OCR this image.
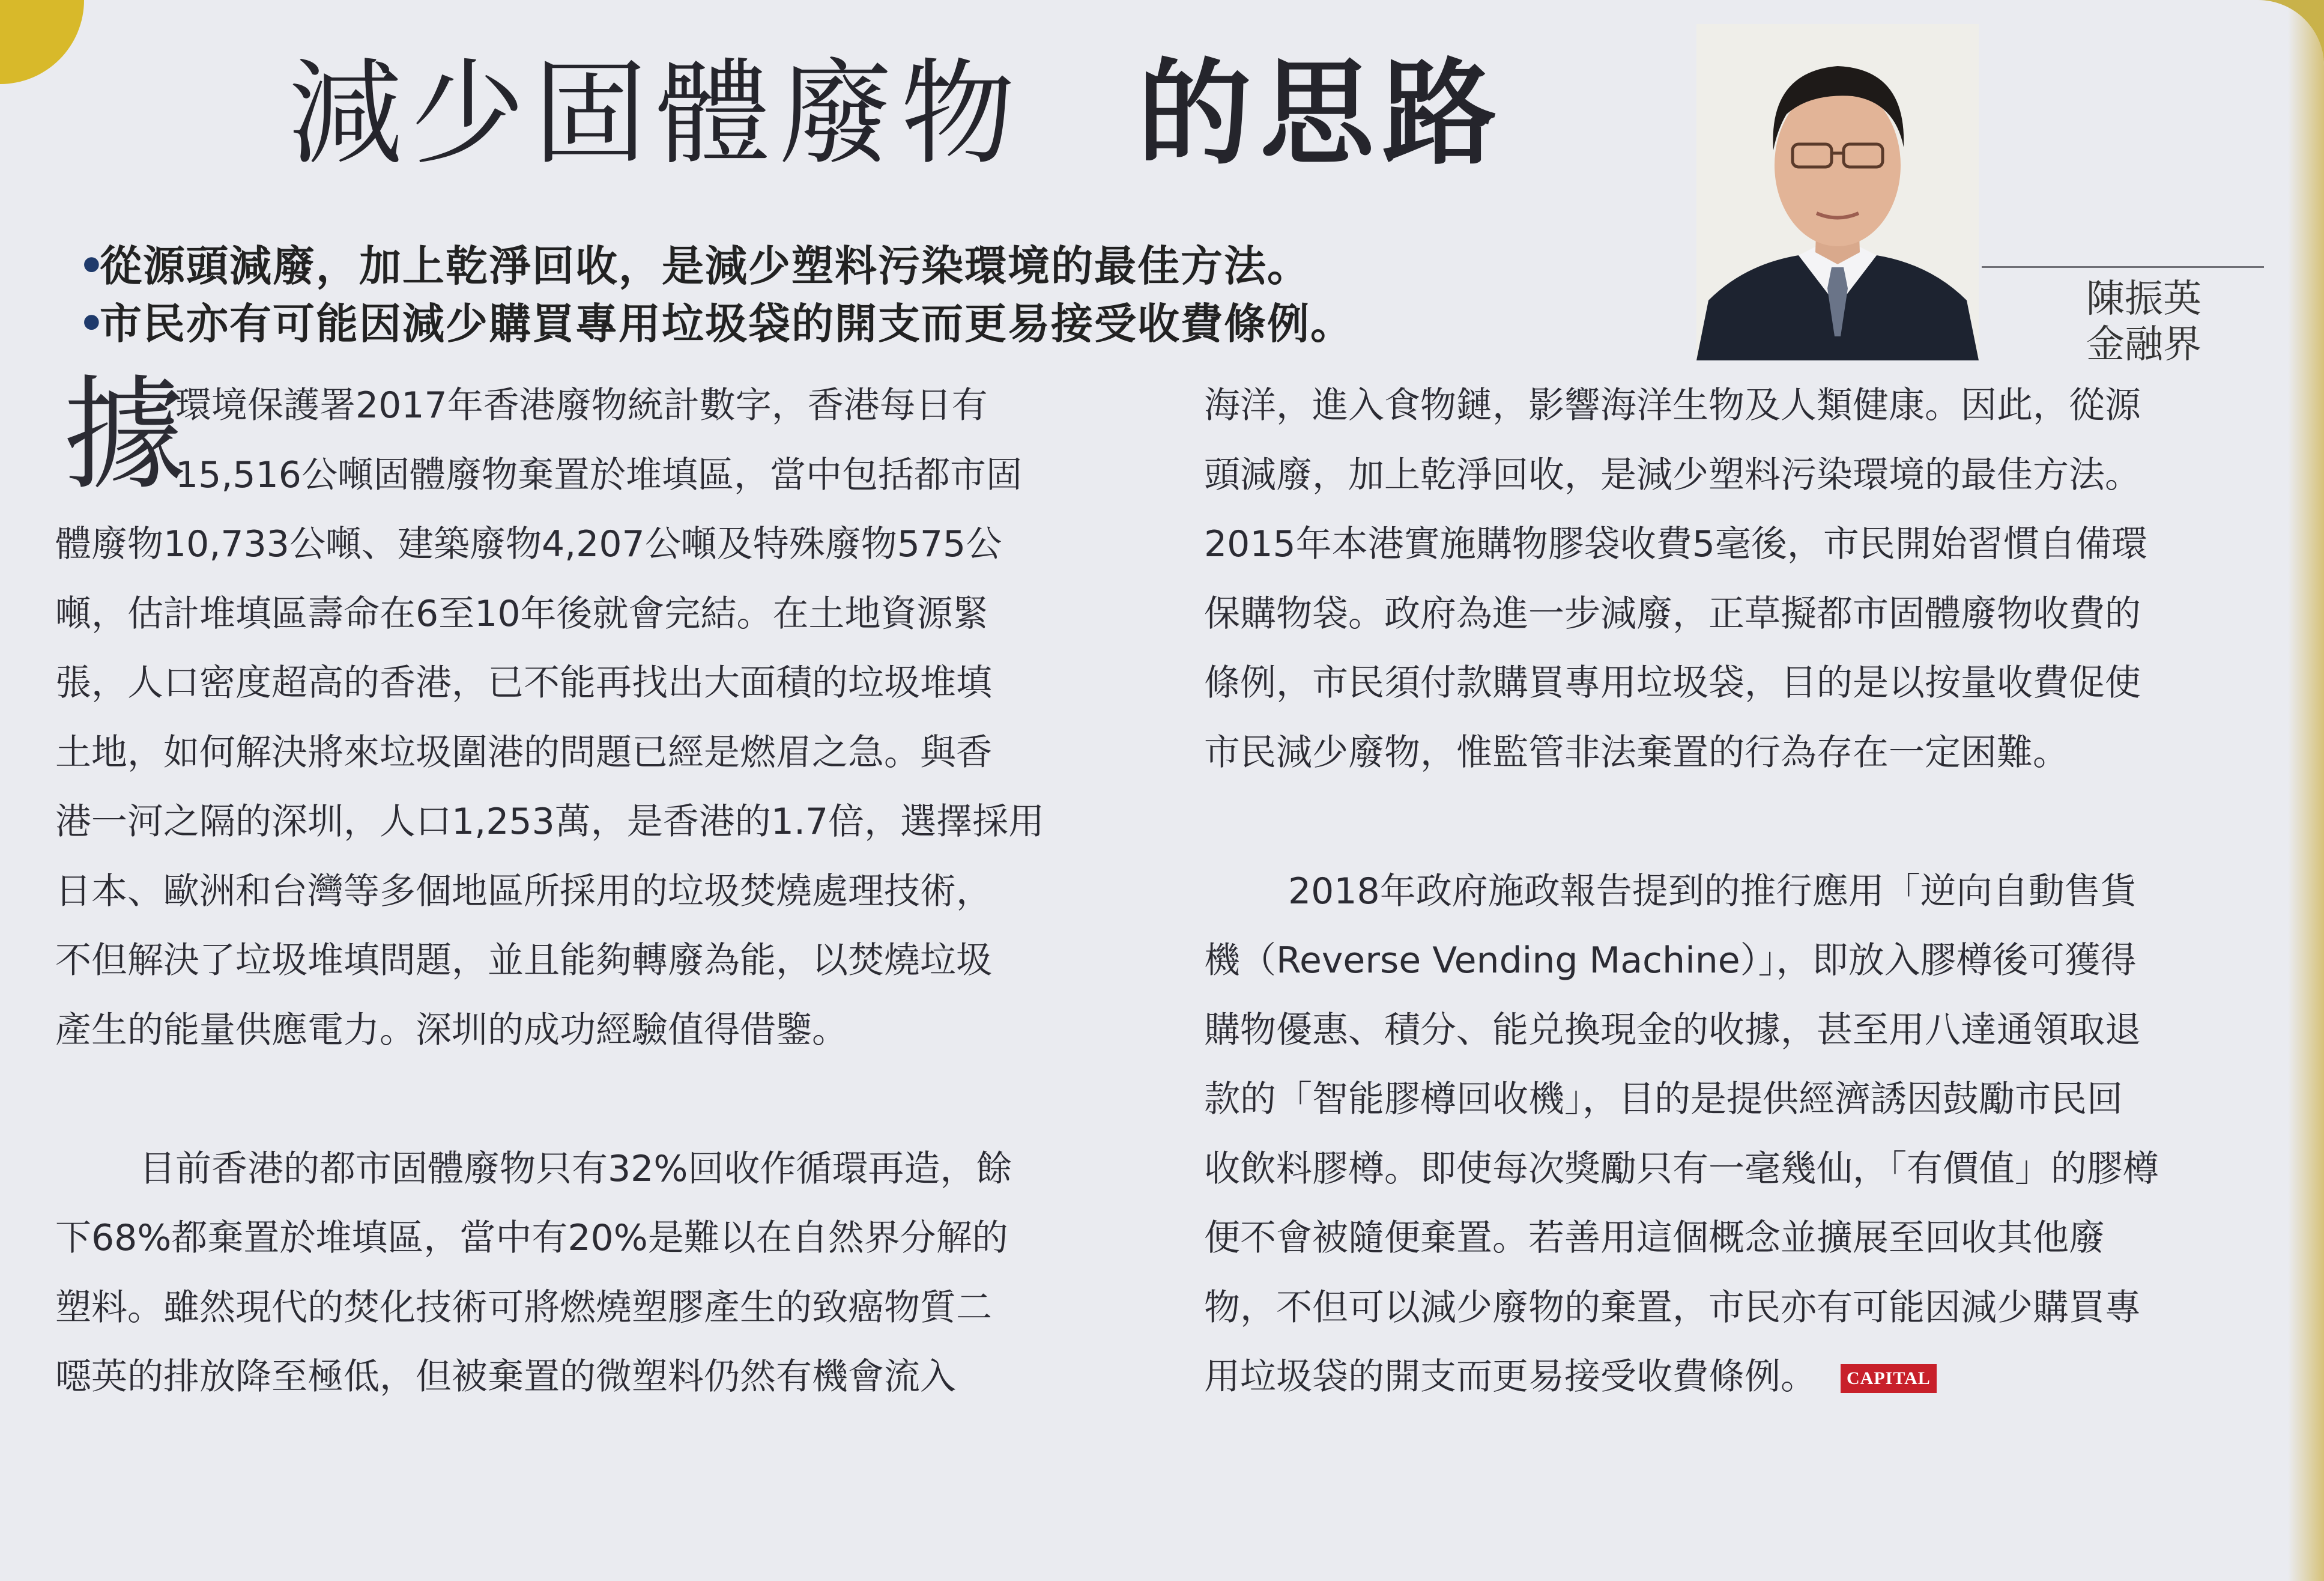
減少固體廢物 的思路
•從源頭減廢，加上乾淨回收，是減少塑料污染環境的最佳方法。
•市民亦有可能因減少購買專用垃圾袋的開支而更易接受收費條例。	陳振英
金融界
據
環境保護署2017年香港廢物統計數字，香港每日有
15,516公噸固體廢物棄置於堆填區，當中包括都市固
體廢物10,733公噸、建築廢物4,207公噸及特殊廢物575公
噸，估計堆填區壽命在6至10年後就會完結。在土地資源緊
張，人口密度超高的香港，已不能再找出大面積的垃圾堆填
土地，如何解決將來垃圾圍港的問題已經是燃眉之急。與香
港一河之隔的深圳，人口1,253萬，是香港的1.7倍，選擇採用
日本、歐洲和台灣等多個地區所採用的垃圾焚燒處理技術，
不但解決了垃圾堆填問題，並且能夠轉廢為能，以焚燒垃圾
產生的能量供應電力。深圳的成功經驗值得借鑒。
目前香港的都市固體廢物只有32%回收作循環再造，餘
下68%都棄置於堆填區，當中有20%是難以在自然界分解的
塑料。雖然現代的焚化技術可將燃燒塑膠產生的致癌物質二
噁英的排放降至極低，但被棄置的微塑料仍然有機會流入
海洋，進入食物鏈，影響海洋生物及人類健康。因此，從源
頭減廢，加上乾淨回收，是減少塑料污染環境的最佳方法。
2015年本港實施購物膠袋收費5毫後，市民開始習慣自備環
保購物袋。政府為進一步減廢，正草擬都市固體廢物收費的
條例，市民須付款購買專用垃圾袋，目的是以按量收費促使
市民減少廢物，惟監管非法棄置的行為存在一定困難。
2018年政府施政報告提到的推行應用「逆向自動售貨
機（Reverse Vending Machine）」，即放入膠樽後可獲得
購物優惠、積分、能兑換現金的收據，甚至用八達通領取退
款的「智能膠樽回收機」，目的是提供經濟誘因鼓勵市民回
收飲料膠樽。即使每次獎勵只有一毫幾仙，「有價值」的膠樽
便不會被隨便棄置。若善用這個概念並擴展至回收其他廢
物，不但可以減少廢物的棄置，市民亦有可能因減少購買專
用垃圾袋的開支而更易接受收費條例。 CAPITAL
